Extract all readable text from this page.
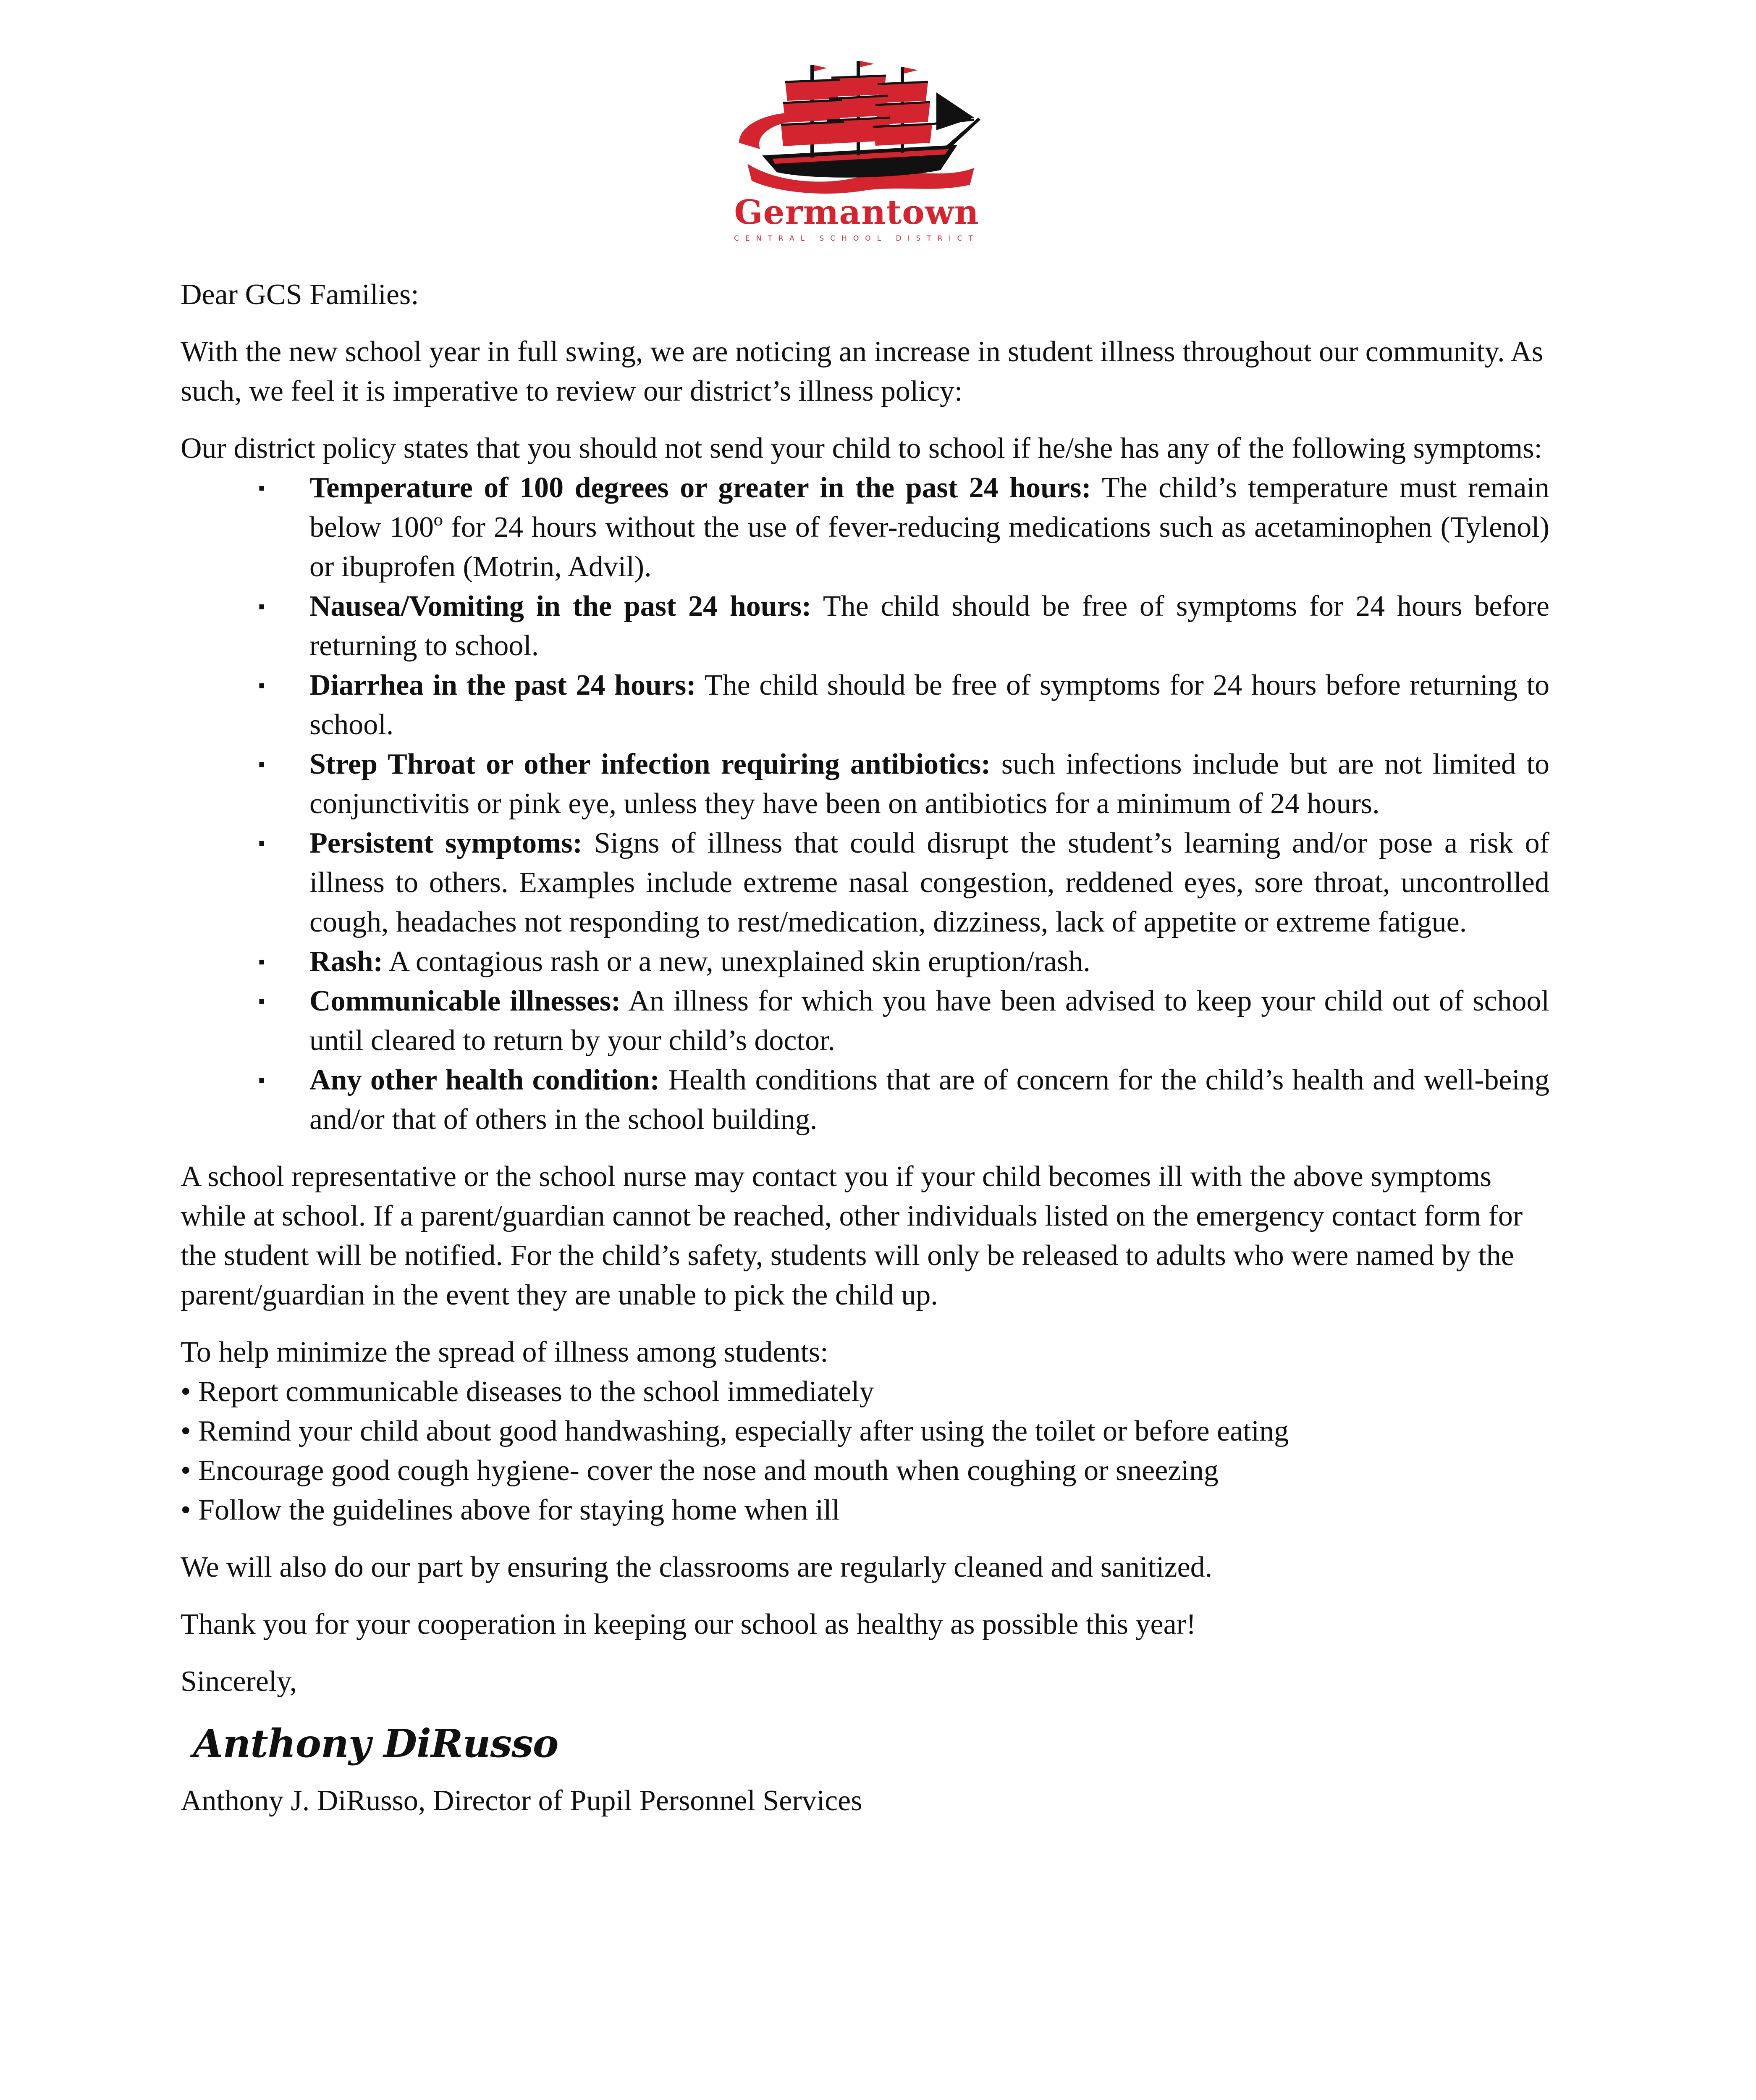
Germantown
CENTRAL SCHOOL DISTRICT

Dear GCS Families:

With the new school year in full swing, we are noticing an increase in student illness throughout our community. As such, we feel it is imperative to review our district’s illness policy:

Our district policy states that you should not send your child to school if he/she has any of the following symptoms:

▪ Temperature of 100 degrees or greater in the past 24 hours: The child’s temperature must remain below 100º for 24 hours without the use of fever-reducing medications such as acetaminophen (Tylenol) or ibuprofen (Motrin, Advil).
▪ Nausea/Vomiting in the past 24 hours: The child should be free of symptoms for 24 hours before returning to school.
▪ Diarrhea in the past 24 hours: The child should be free of symptoms for 24 hours before returning to school.
▪ Strep Throat or other infection requiring antibiotics: such infections include but are not limited to conjunctivitis or pink eye, unless they have been on antibiotics for a minimum of 24 hours.
▪ Persistent symptoms: Signs of illness that could disrupt the student’s learning and/or pose a risk of illness to others. Examples include extreme nasal congestion, reddened eyes, sore throat, uncontrolled cough, headaches not responding to rest/medication, dizziness, lack of appetite or extreme fatigue.
▪ Rash: A contagious rash or a new, unexplained skin eruption/rash.
▪ Communicable illnesses: An illness for which you have been advised to keep your child out of school until cleared to return by your child’s doctor.
▪ Any other health condition: Health conditions that are of concern for the child’s health and well-being and/or that of others in the school building.

A school representative or the school nurse may contact you if your child becomes ill with the above symptoms while at school. If a parent/guardian cannot be reached, other individuals listed on the emergency contact form for the student will be notified. For the child’s safety, students will only be released to adults who were named by the parent/guardian in the event they are unable to pick the child up.

To help minimize the spread of illness among students:

• Report communicable diseases to the school immediately
• Remind your child about good handwashing, especially after using the toilet or before eating
• Encourage good cough hygiene- cover the nose and mouth when coughing or sneezing
• Follow the guidelines above for staying home when ill

We will also do our part by ensuring the classrooms are regularly cleaned and sanitized.

Thank you for your cooperation in keeping our school as healthy as possible this year!

Sincerely,

Anthony DiRusso

Anthony J. DiRusso, Director of Pupil Personnel Services
